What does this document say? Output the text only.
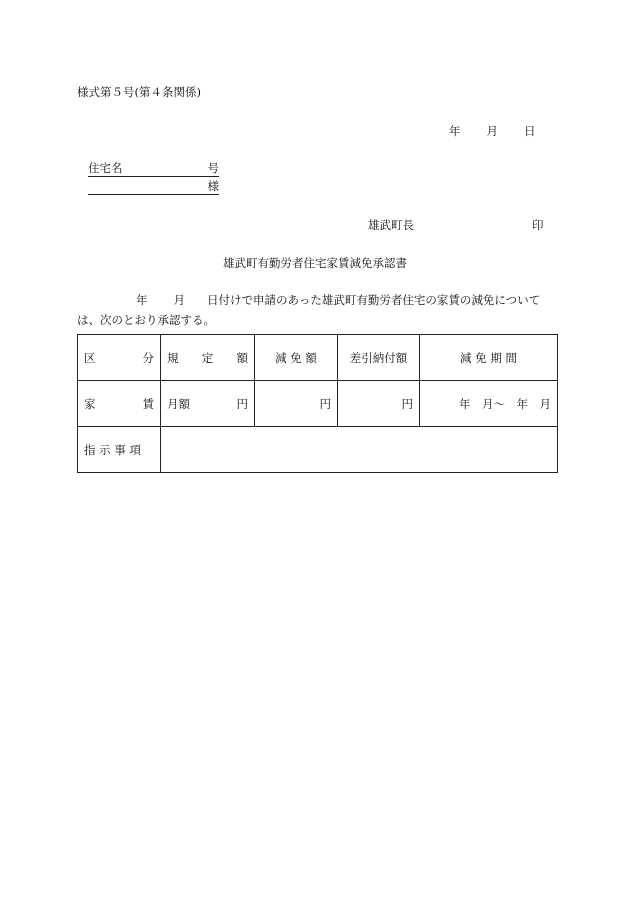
様式第５号(第４条関係)
年 月 日
住宅名	号
様
雄武町長	印
雄武町有勤労者住宅家賃減免承認書
年 月 日付けで申請のあった雄武町有勤労者住宅の家賃の減免について
は、次のとおり承認する。
区 分	規 定 額	減 免 額	差引納付額	減 免 期 間

家 賃	月額 円	円	円	年　月〜　年　月
指 示 事 項				
